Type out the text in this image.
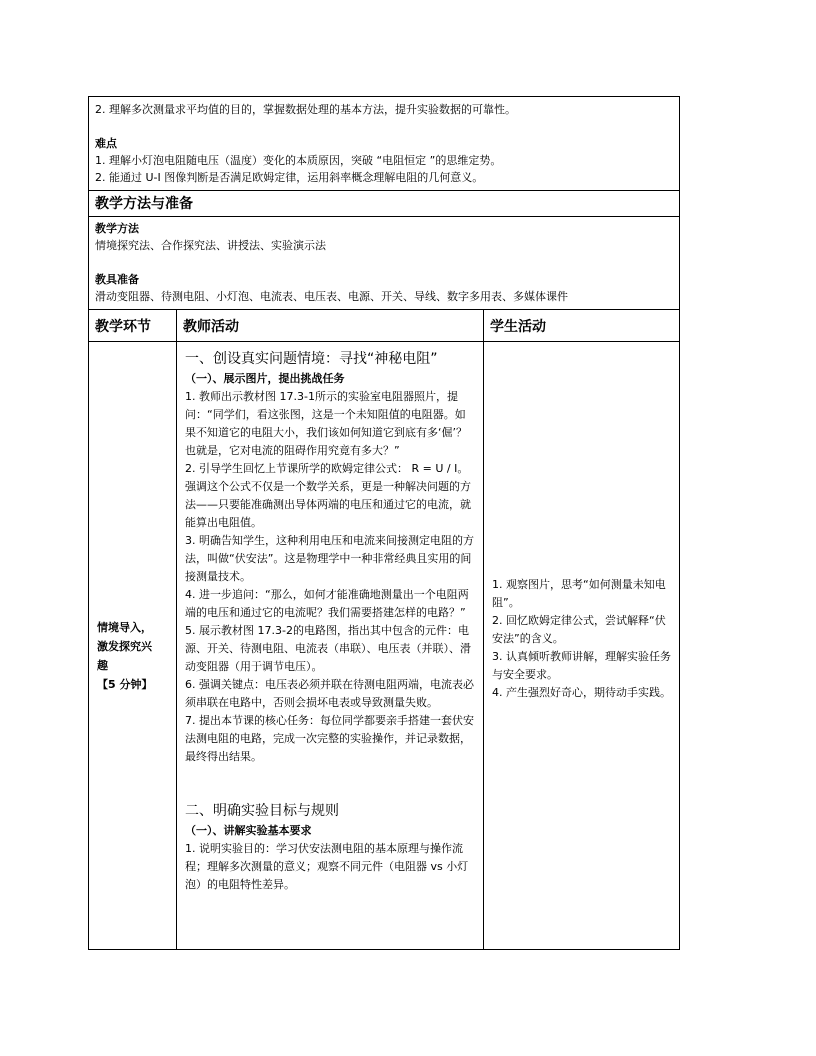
2. 理解多次测量求平均值的目的，掌握数据处理的基本方法，提升实验数据的可靠性。
难点
1. 理解小灯泡电阻随电压（温度）变化的本质原因，突破 “电阻恒定 ”的思维定势。
2. 能通过 U-I 图像判断是否满足欧姆定律，运用斜率概念理解电阻的几何意义。
教学方法与准备
教学方法
情境探究法、合作探究法、讲授法、实验演示法
教具准备
滑动变阻器、待测电阻、小灯泡、电流表、电压表、电源、开关、导线、数字多用表、多媒体课件
教学环节	教师活动	学生活动
情境导入，
激发探究兴
趣
【5 分钟】
一、创设真实问题情境：寻找“神秘电阻”
（一）、展示图片，提出挑战任务

1. 教师出示教材图 17.3-1所示的实验室电阻器照片，提问：“同学们，看这张图，这是一个未知阻值的电阻器。如果不知道它的电阻大小，我们该如何知道它到底有多‘倔’？也就是，它对电流的阻碍作用究竟有多大？”

2. 引导学生回忆上节课所学的欧姆定律公式： R = U / I。强调这个公式不仅是一个数学关系，更是一种解决问题的方法——只要能准确测出导体两端的电压和通过它的电流，就能算出电阻值。

3. 明确告知学生，这种利用电压和电流来间接测定电阻的方法，叫做“伏安法”。这是物理学中一种非常经典且实用的间接测量技术。

4. 进一步追问：“那么，如何才能准确地测量出一个电阻两端的电压和通过它的电流呢？我们需要搭建怎样的电路？”

5. 展示教材图 17.3-2的电路图，指出其中包含的元件：电源、开关、待测电阻、电流表（串联）、电压表（并联）、滑动变阻器（用于调节电压）。

6. 强调关键点：电压表必须并联在待测电阻两端，电流表必须串联在电路中，否则会损坏电表或导致测量失败。

7. 提出本节课的核心任务：每位同学都要亲手搭建一套伏安法测电阻的电路，完成一次完整的实验操作，并记录数据，最终得出结果。

二、明确实验目标与规则
（一）、讲解实验基本要求

1. 说明实验目的：学习伏安法测电阻的基本原理与操作流程；理解多次测量的意义；观察不同元件（电阻器 vs 小灯泡）的电阻特性差异。

1. 观察图片，思考“如何测量未知电阻”。

2. 回忆欧姆定律公式，尝试解释“伏安法”的含义。

3. 认真倾听教师讲解，理解实验任务与安全要求。

4. 产生强烈好奇心，期待动手实践。
